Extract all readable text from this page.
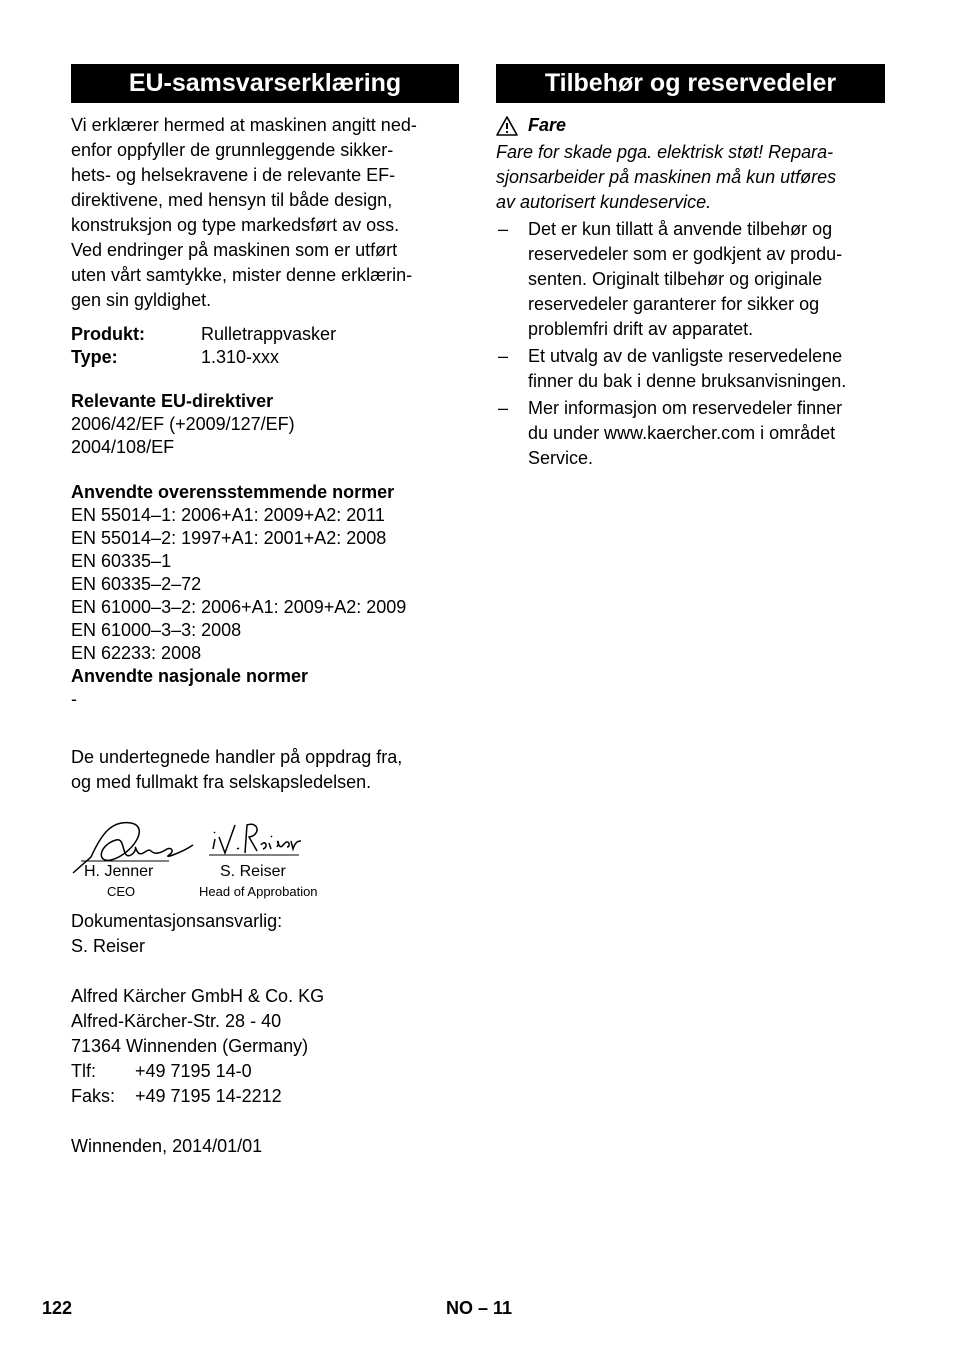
EU-samsvarserklæring

Vi erklærer hermed at maskinen angitt ned-
enfor oppfyller de grunnleggende sikker-
hets- og helsekravene i de relevante EF-
direktivene, med hensyn til både design,
konstruksjon og type markedsført av oss.
Ved endringer på maskinen som er utført
uten vårt samtykke, mister denne erklærin-
gen sin gyldighet.

Produkt:	Rulletrappvasker
Type:	1.310-xxx

Relevante EU-direktiver

2006/42/EF (+2009/127/EF)
2004/108/EF

Anvendte overensstemmende normer

EN 55014–1: 2006+A1: 2009+A2: 2011
EN 55014–2: 1997+A1: 2001+A2: 2008
EN 60335–1
EN 60335–2–72
EN 61000–3–2: 2006+A1: 2009+A2: 2009
EN 61000–3–3: 2008
EN 62233: 2008

Anvendte nasjonale normer

-

De undertegnede handler på oppdrag fra,
og med fullmakt fra selskapsledelsen.

H. Jenner
CEO
S. Reiser
Head of Approbation

Dokumentasjonsansvarlig:
S. Reiser

Alfred Kärcher GmbH & Co. KG
Alfred-Kärcher-Str. 28 - 40
71364 Winnenden (Germany)

Tlf:	+49 7195 14-0
Faks:	+49 7195 14-2212

Winnenden, 2014/01/01

Tilbehør og reservedeler
Fare

Fare for skade pga. elektrisk støt! Repara-
sjonsarbeider på maskinen må kun utføres
av autorisert kundeservice.

– Det er kun tillatt å anvende tilbehør og
reservedeler som er godkjent av produ-
senten. Originalt tilbehør og originale
reservedeler garanterer for sikker og
problemfri drift av apparatet.
– Et utvalg av de vanligste reservedelene
finner du bak i denne bruksanvisningen.
– Mer informasjon om reservedeler finner
du under www.kaercher.com i området
Service.
122	NO – 11
